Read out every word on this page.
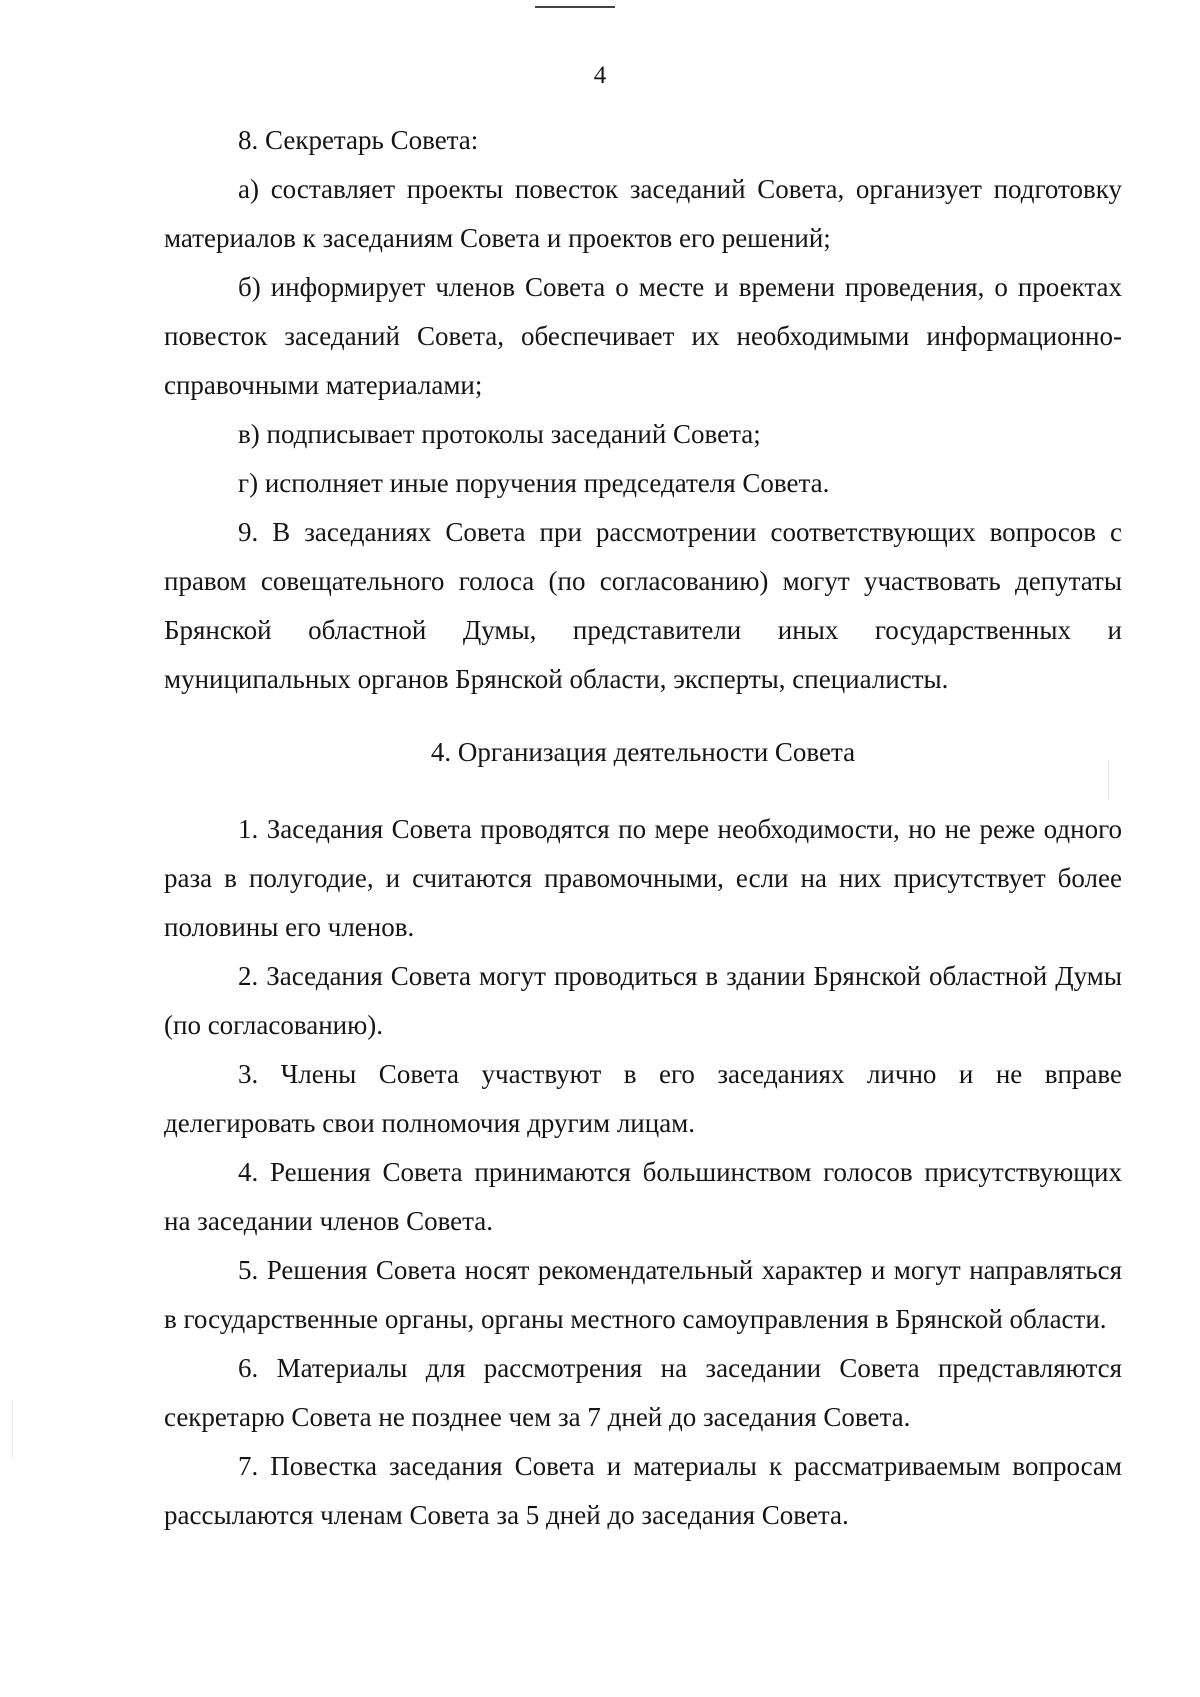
4

8. Секретарь Совета:

а) составляет проекты повесток заседаний Совета, организует подготовку материалов к заседаниям Совета и проектов его решений;

б) информирует членов Совета о месте и времени проведения, о проектах повесток заседаний Совета, обеспечивает их необходимыми информационно-справочными материалами;

в) подписывает протоколы заседаний Совета;

г) исполняет иные поручения председателя Совета.

9. В заседаниях Совета при рассмотрении соответствующих вопросов с правом совещательного голоса (по согласованию) могут участвовать депутаты Брянской областной Думы, представители иных государственных и муниципальных органов Брянской области, эксперты, специалисты.

4. Организация деятельности Совета

1. Заседания Совета проводятся по мере необходимости, но не реже одного раза в полугодие, и считаются правомочными, если на них присутствует более половины его членов.

2. Заседания Совета могут проводиться в здании Брянской областной Думы (по согласованию).

3. Члены Совета участвуют в его заседаниях лично и не вправе делегировать свои полномочия другим лицам.

4. Решения Совета принимаются большинством голосов присутствующих на заседании членов Совета.

5. Решения Совета носят рекомендательный характер и могут направляться в государственные органы, органы местного самоуправления в Брянской области.

6. Материалы для рассмотрения на заседании Совета представляются секретарю Совета не позднее чем за 7 дней до заседания Совета.

7. Повестка заседания Совета и материалы к рассматриваемым вопросам рассылаются членам Совета за 5 дней до заседания Совета.
